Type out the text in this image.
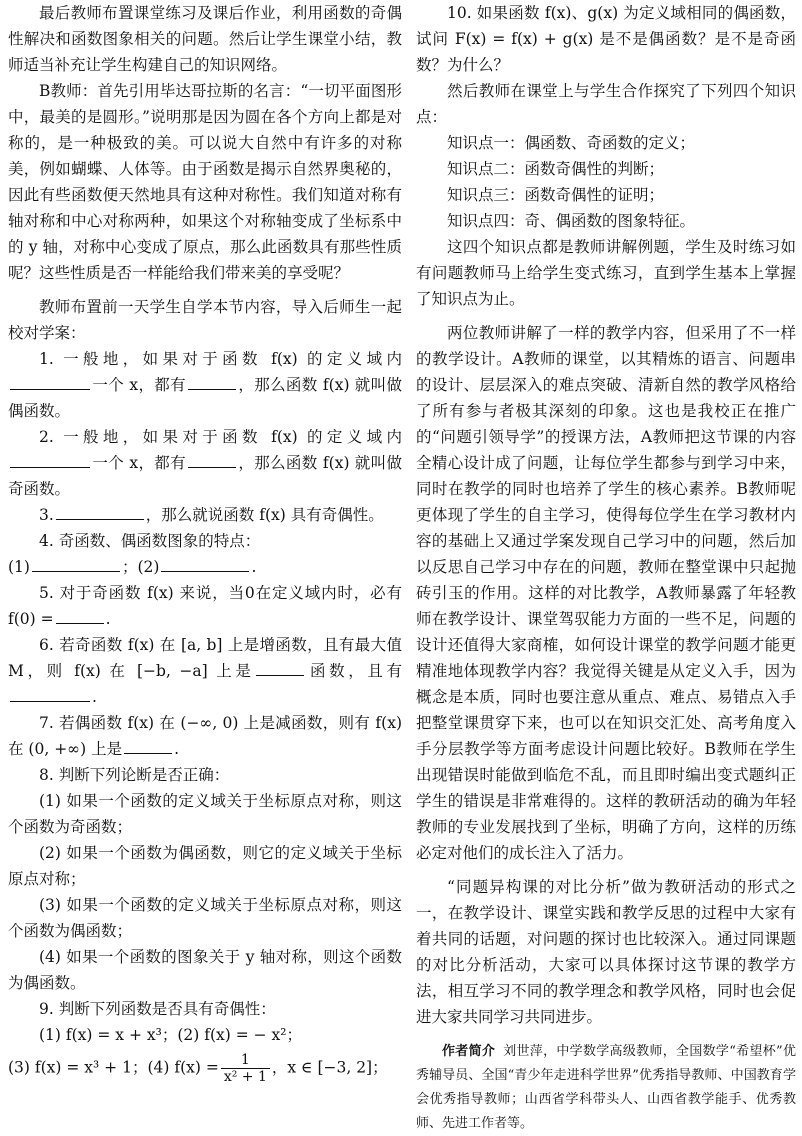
最后教师布置课堂练习及课后作业，利用函数的奇偶性解决和函数图象相关的问题。然后让学生课堂小结，教师适当补充让学生构建自己的知识网络。

B教师：首先引用毕达哥拉斯的名言：“一切平面图形中，最美的是圆形。”说明那是因为圆在各个方向上都是对称的，是一种极致的美。可以说大自然中有许多的对称美，例如蝴蝶、人体等。由于函数是揭示自然界奥秘的，因此有些函数便天然地具有这种对称性。我们知道对称有轴对称和中心对称两种，如果这个对称轴变成了坐标系中的 y 轴，对称中心变成了原点，那么此函数具有那些性质呢？这些性质是否一样能给我们带来美的享受呢？

教师布置前一天学生自学本节内容，导入后师生一起校对学案：

1. 一般地，如果对于函数 f(x) 的定义域内一个 x，都有	，那么函数 f(x) 就叫做偶函数。

2. 一般地，如果对于函数 f(x) 的定义域内一个 x，都有	，那么函数 f(x) 就叫做奇函数。

3.	，那么就说函数 f(x) 具有奇偶性。

4. 奇函数、偶函数图象的特点：

(1)	；(2)	.

5. 对于奇函数 f(x) 来说，当0在定义域内时，必有 f(0) =	.

6. 若奇函数 f(x) 在 [a, b] 上是增函数，且有最大值 M，则 f(x) 在 [−b, −a] 上是	函数，且有.

7. 若偶函数 f(x) 在 (−∞, 0) 上是减函数，则有 f(x) 在 (0, +∞) 上是	.

8. 判断下列论断是否正确：

(1) 如果一个函数的定义域关于坐标原点对称，则这个函数为奇函数；

(2) 如果一个函数为偶函数，则它的定义域关于坐标原点对称；

(3) 如果一个函数的定义域关于坐标原点对称，则这个函数为偶函数；

(4) 如果一个函数的图象关于 y 轴对称，则这个函数为偶函数。

9. 判断下列函数是否具有奇偶性：

(1) f(x) = x + x³；(2) f(x) = − x²；

(3) f(x) = x³ + 1；(4) $f(x) = \frac{1}{\text{x² + 1}}$ ，x ∈ [−3, 2]；

10. 如果函数 f(x)、g(x) 为定义域相同的偶函数，试问 F(x) = f(x) + g(x) 是不是偶函数？是不是奇函数？为什么？

然后教师在课堂上与学生合作探究了下列四个知识点：

知识点一：偶函数、奇函数的定义；

知识点二：函数奇偶性的判断；

知识点三：函数奇偶性的证明；

知识点四：奇、偶函数的图象特征。

这四个知识点都是教师讲解例题，学生及时练习如有问题教师马上给学生变式练习，直到学生基本上掌握了知识点为止。

两位教师讲解了一样的教学内容，但采用了不一样的教学设计。A教师的课堂，以其精炼的语言、问题串的设计、层层深入的难点突破、清新自然的教学风格给了所有参与者极其深刻的印象。这也是我校正在推广的“问题引领导学”的授课方法，A教师把这节课的内容全精心设计成了问题，让每位学生都参与到学习中来，同时在教学的同时也培养了学生的核心素养。B教师呢更体现了学生的自主学习，使得每位学生在学习教材内容的基础上又通过学案发现自己学习中的问题，然后加以反思自己学习中存在的问题，教师在整堂课中只起抛砖引玉的作用。这样的对比教学，A教师暴露了年轻教师在教学设计、课堂驾驭能力方面的一些不足，问题的设计还值得大家商榷，如何设计课堂的教学问题才能更精准地体现教学内容？我觉得关键是从定义入手，因为概念是本质，同时也要注意从重点、难点、易错点入手把整堂课贯穿下来，也可以在知识交汇处、高考角度入手分层教学等方面考虑设计问题比较好。B教师在学生出现错误时能做到临危不乱，而且即时编出变式题纠正学生的错误是非常难得的。这样的教研活动的确为年轻教师的专业发展找到了坐标，明确了方向，这样的历练必定对他们的成长注入了活力。

“同题异构课的对比分析”做为教研活动的形式之一，在教学设计、课堂实践和教学反思的过程中大家有着共同的话题，对问题的探讨也比较深入。通过同课题的对比分析活动，大家可以具体探讨这节课的教学方法，相互学习不同的教学理念和教学风格，同时也会促进大家共同学习共同进步。

作者简介 刘世萍，中学数学高级教师，全国数学“希望杯”优秀辅导员、全国“青少年走进科学世界”优秀指导教师、中国教育学会优秀指导教师；山西省学科带头人、山西省教学能手、优秀教师、先进工作者等。
